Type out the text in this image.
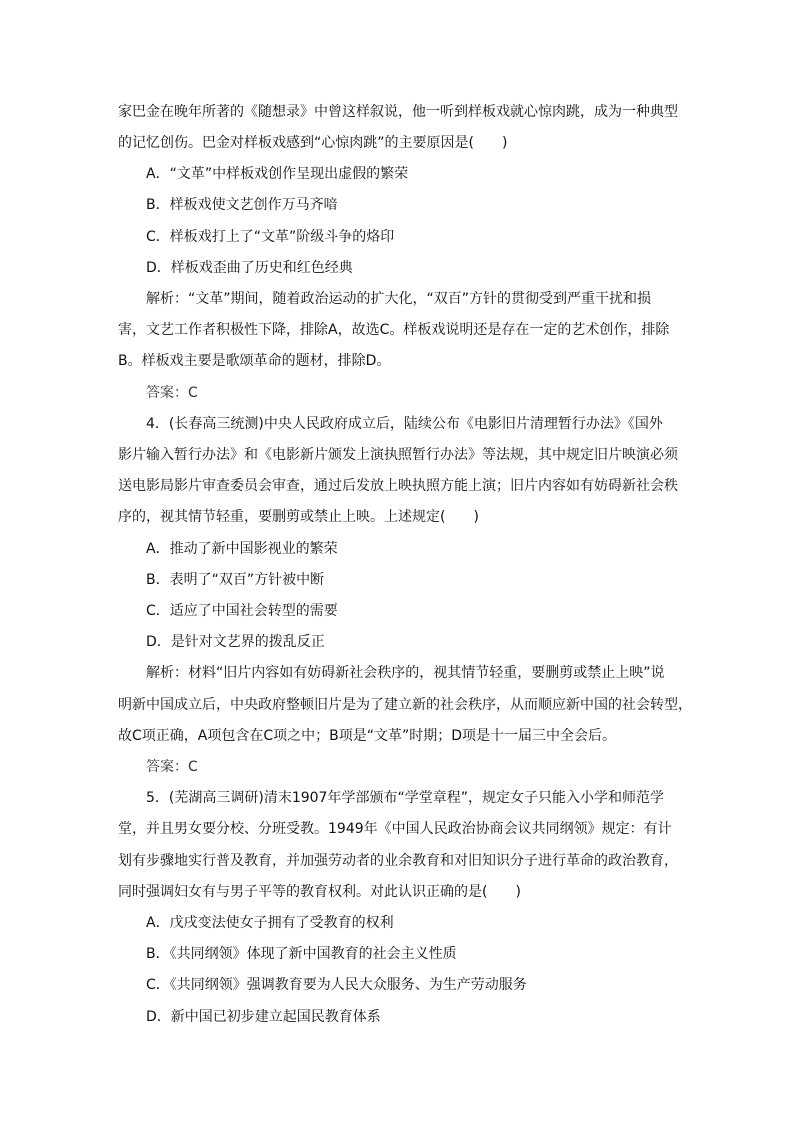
家巴金在晚年所著的《随想录》中曾这样叙说，他一听到样板戏就心惊肉跳，成为一种典型
的记忆创伤。巴金对样板戏感到“心惊肉跳”的主要原因是(　　)
A．“文革”中样板戏创作呈现出虚假的繁荣
B．样板戏使文艺创作万马齐喑
C．样板戏打上了“文革”阶级斗争的烙印
D．样板戏歪曲了历史和红色经典
解析：“文革”期间，随着政治运动的扩大化，“双百”方针的贯彻受到严重干扰和损
害，文艺工作者积极性下降，排除A，故选C。样板戏说明还是存在一定的艺术创作，排除
B。样板戏主要是歌颂革命的题材，排除D。
答案：C
4．(长春高三统测)中央人民政府成立后，陆续公布《电影旧片清理暂行办法》《国外
影片输入暂行办法》和《电影新片颁发上演执照暂行办法》等法规，其中规定旧片映演必须
送电影局影片审查委员会审查，通过后发放上映执照方能上演；旧片内容如有妨碍新社会秩
序的，视其情节轻重，要删剪或禁止上映。上述规定(　　)
A．推动了新中国影视业的繁荣
B．表明了“双百”方针被中断
C．适应了中国社会转型的需要
D．是针对文艺界的拨乱反正
解析：材料“旧片内容如有妨碍新社会秩序的，视其情节轻重，要删剪或禁止上映”说
明新中国成立后，中央政府整顿旧片是为了建立新的社会秩序，从而顺应新中国的社会转型，
故C项正确，A项包含在C项之中；B项是“文革”时期；D项是十一届三中全会后。
答案：C
5．(芜湖高三调研)清末1907年学部颁布“学堂章程”，规定女子只能入小学和师范学
堂，并且男女要分校、分班受教。1949年《中国人民政治协商会议共同纲领》规定：有计
划有步骤地实行普及教育，并加强劳动者的业余教育和对旧知识分子进行革命的政治教育，
同时强调妇女有与男子平等的教育权利。对此认识正确的是(　　)
A．戊戌变法使女子拥有了受教育的权利
B．《共同纲领》体现了新中国教育的社会主义性质
C．《共同纲领》强调教育要为人民大众服务、为生产劳动服务
D．新中国已初步建立起国民教育体系
